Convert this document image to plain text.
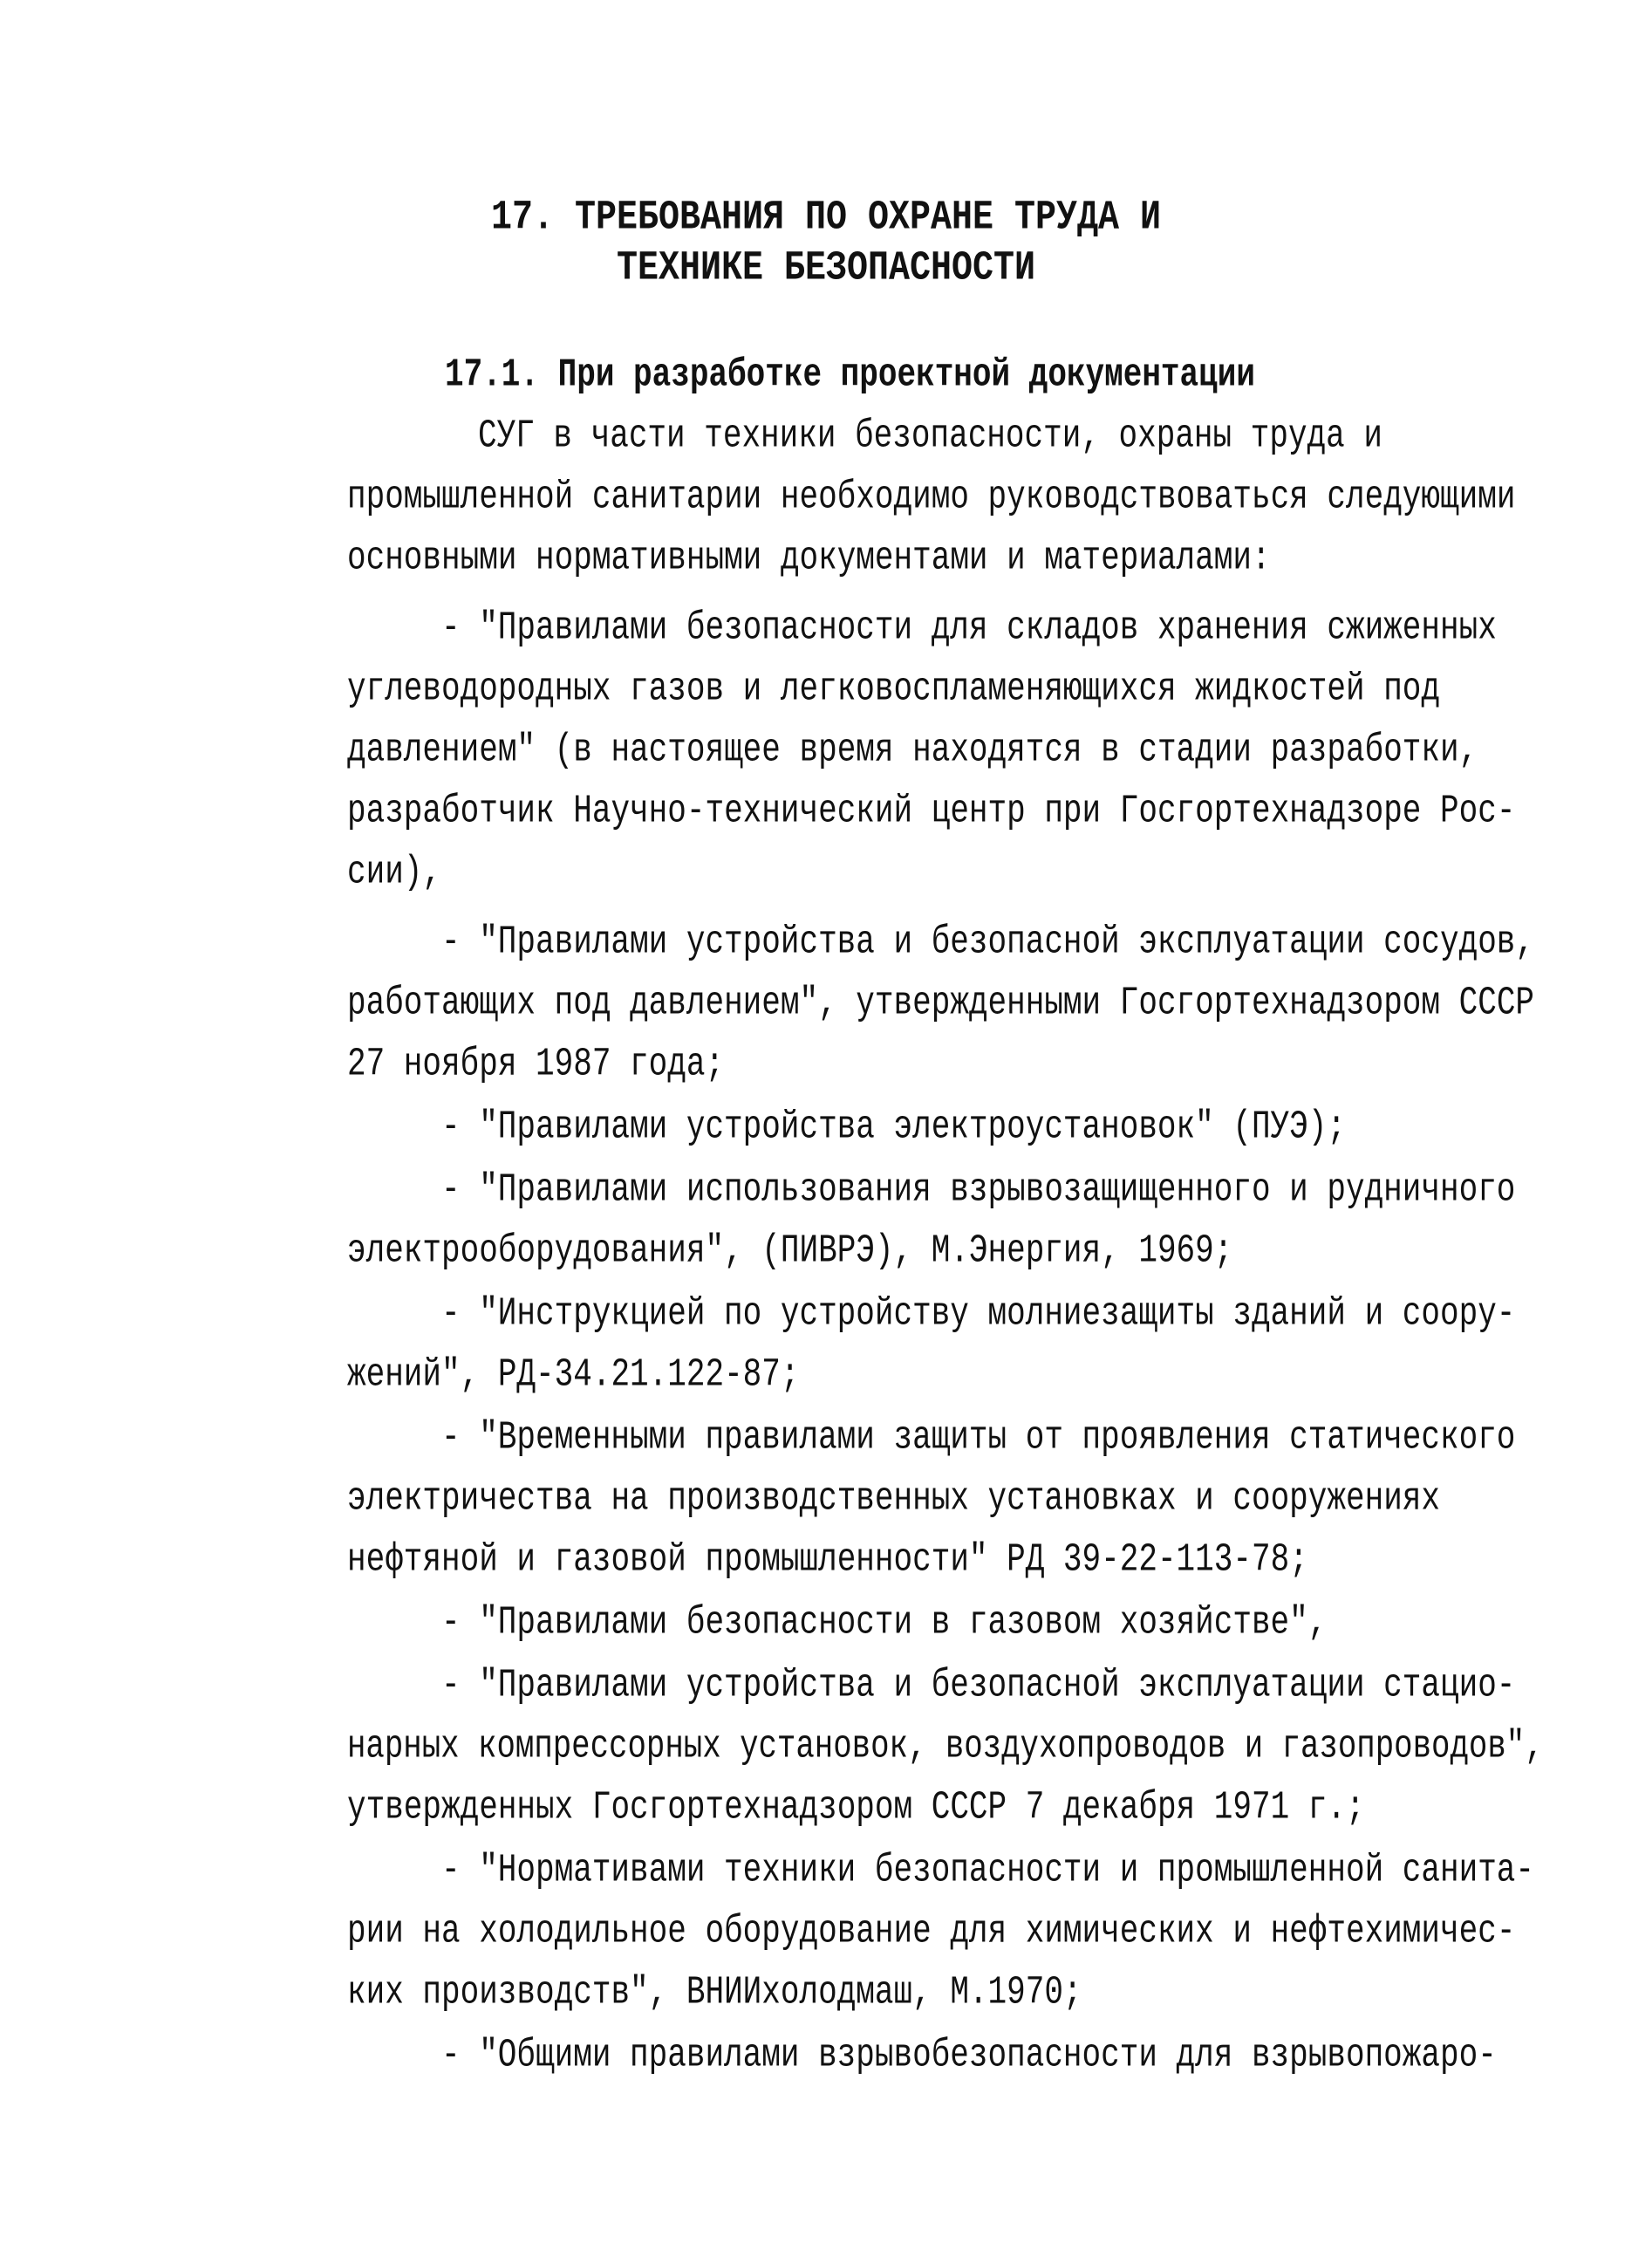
17. ТРЕБОВАНИЯ ПО ОХРАНЕ ТРУДА И
ТЕХНИКЕ БЕЗОПАСНОСТИ
17.1. При разработке проектной документации
СУГ в части техники безопасности, охраны труда и
промышленной санитарии необходимо руководствоваться следующими
основными нормативными документами и материалами:
- "Правилами безопасности для складов хранения сжиженных
углеводородных газов и легковоспламеняющихся жидкостей под
давлением" (в настоящее время находятся в стадии разработки,
разработчик Научно-технический центр при Госгортехнадзоре Рос-
сии),
- "Правилами устройства и безопасной эксплуатации сосудов,
работающих под давлением", утвержденными Госгортехнадзором СССР
27 ноября 1987 года;
- "Правилами устройства электроустановок" (ПУЭ);
- "Правилами использования взрывозащищенного и рудничного
электрооборудования", (ПИВРЭ), М.Энергия, 1969;
- "Инструкцией по устройству молниезащиты зданий и соору-
жений", РД-34.21.122-87;
- "Временными правилами защиты от проявления статического
электричества на производственных установках и сооружениях
нефтяной и газовой промышленности" РД 39-22-113-78;
- "Правилами безопасности в газовом хозяйстве",
- "Правилами устройства и безопасной эксплуатации стацио-
нарных компрессорных установок, воздухопроводов и газопроводов",
утвержденных Госгортехнадзором СССР 7 декабря 1971 г.;
- "Нормативами техники безопасности и промышленной санита-
рии на холодильное оборудование для химических и нефтехимичес-
ких производств", ВНИИхолодмаш, М.1970;
- "Общими правилами взрывобезопасности для взрывопожаро-
